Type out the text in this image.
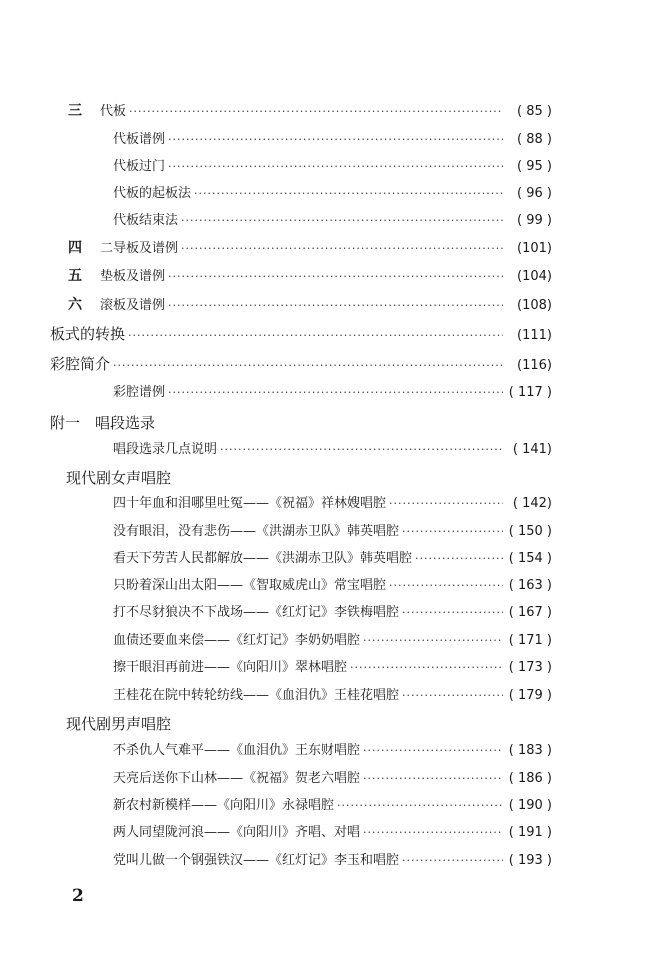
三 代板 ·····	( 85 )
代板谱例 ·····	( 88 )
代板过门 ·····	( 95 )
代板的起板法 ·····	( 96 )
代板结束法 ·····	( 99 )
四 二导板及谱例 ·····	(101)
五 垫板及谱例 ·····	(104)
六 滚板及谱例 ·····	(108)
板式的转换 ·····	(111)
彩腔简介 ·····	(116)
彩腔谱例 ·····	( 117 )
附一　唱段选录
唱段选录几点说明 ·····	( 141)
现代剧女声唱腔
四十年血和泪哪里吐冤——《祝福》祥林嫂唱腔 ·····	( 142)
没有眼泪，没有悲伤——《洪湖赤卫队》韩英唱腔 ·····	( 150 )
看天下劳苦人民都解放——《洪湖赤卫队》韩英唱腔 ·····	( 154 )
只盼着深山出太阳——《智取威虎山》常宝唱腔 ·····	( 163 )
打不尽豺狼决不下战场——《红灯记》李铁梅唱腔 ·····	( 167 )
血债还要血来偿——《红灯记》李奶奶唱腔 ·····	( 171 )
擦干眼泪再前进——《向阳川》翠林唱腔 ·····	( 173 )
王桂花在院中转轮纺线——《血泪仇》王桂花唱腔 ·····	( 179 )
现代剧男声唱腔
不杀仇人气难平——《血泪仇》王东财唱腔 ·····	( 183 )
天亮后送你下山林——《祝福》贺老六唱腔 ·····	( 186 )
新农村新模样——《向阳川》永禄唱腔 ·····	( 190 )
两人同望陇河浪——《向阳川》齐唱、对唱 ·····	( 191 )
党叫儿做一个钢强铁汉——《红灯记》李玉和唱腔 ·····	( 193 )
2
